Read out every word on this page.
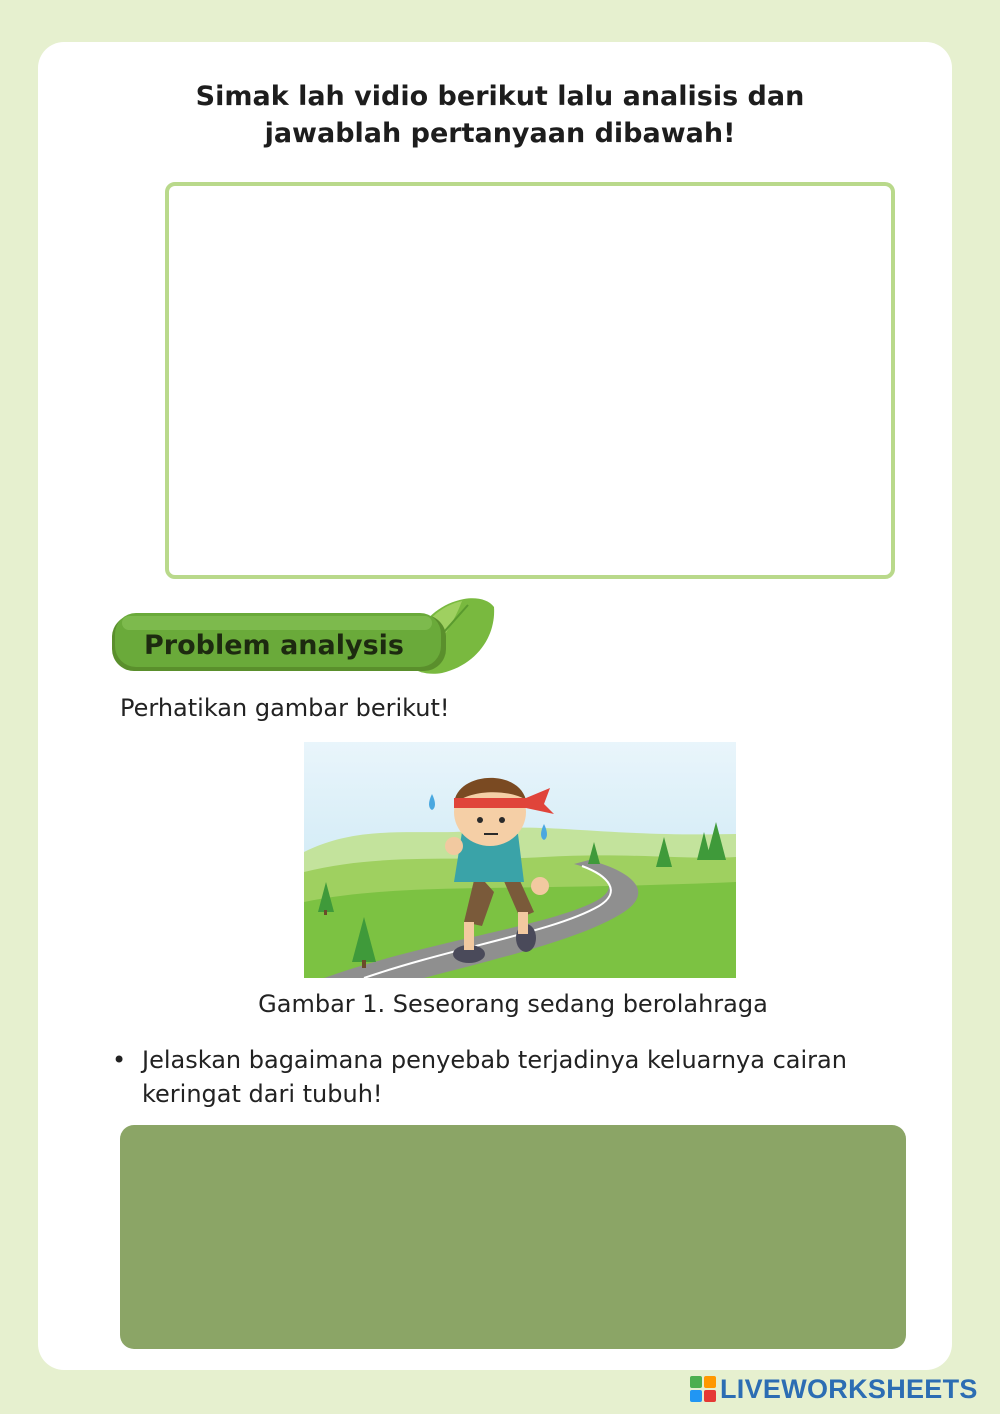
Simak lah vidio berikut lalu analisis dan
jawablah pertanyaan dibawah!
Problem analysis
Perhatikan gambar berikut!
Gambar 1. Seseorang sedang berolahraga
• Jelaskan bagaimana penyebab terjadinya keluarnya cairan keringat dari tubuh!
LIVEWORKSHEETS
